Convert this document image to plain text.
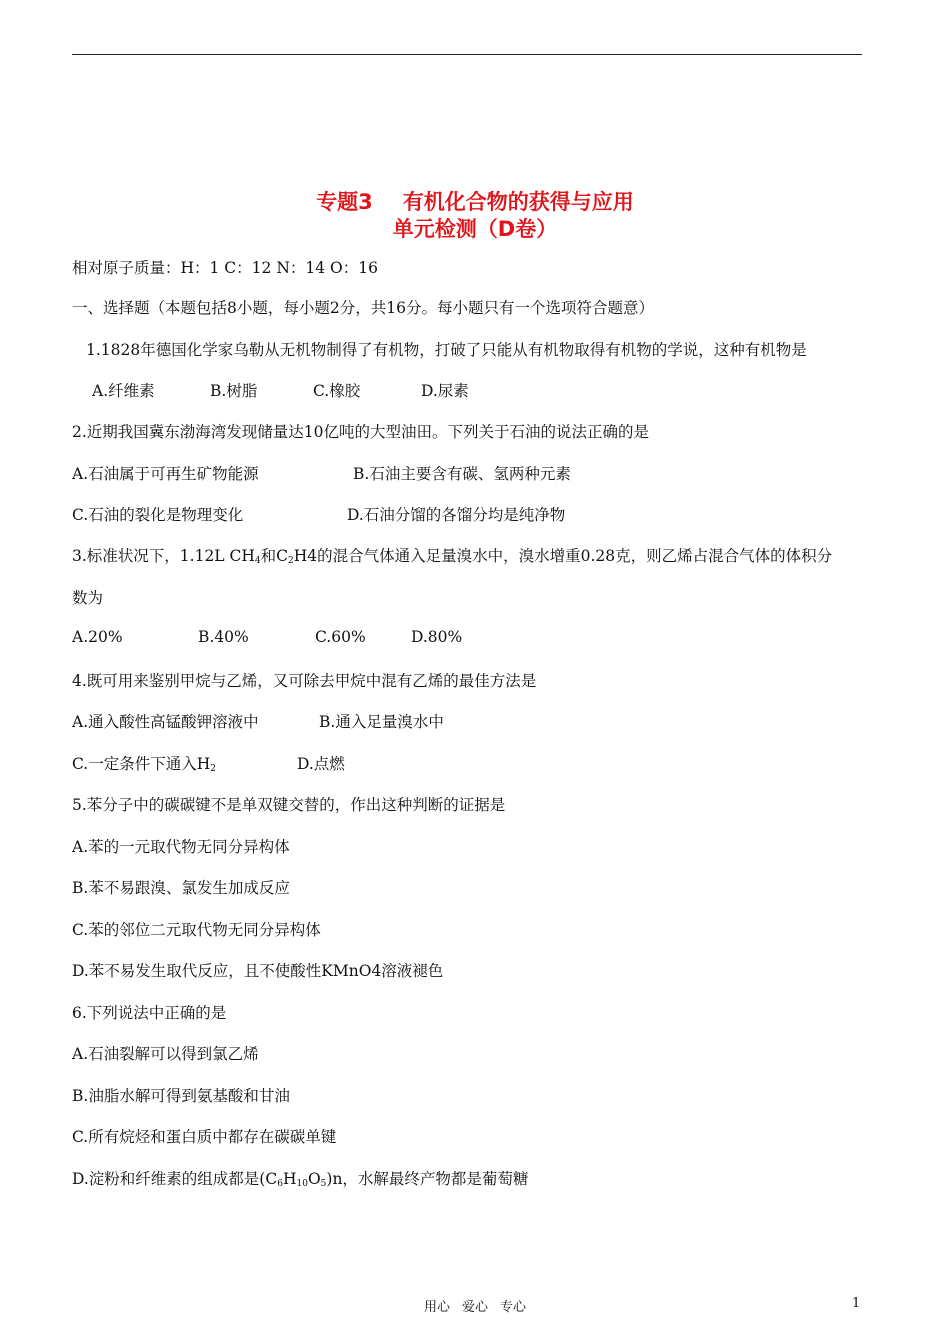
专题3 有机化合物的获得与应用
单元检测（D卷）
相对原子质量：H：1 C：12 N：14 O：16
一、选择题（本题包括8小题，每小题2分，共16分。每小题只有一个选项符合题意）
1.1828年德国化学家乌勒从无机物制得了有机物，打破了只能从有机物取得有机物的学说，这种有机物是
A.纤维素	B.树脂	C.橡胶	D.尿素
2.近期我国冀东渤海湾发现储量达10亿吨的大型油田。下列关于石油的说法正确的是
A.石油属于可再生矿物能源	B.石油主要含有碳、氢两种元素
C.石油的裂化是物理变化	D.石油分馏的各馏分均是纯净物
3.标准状况下，1.12L $CH_4$和$C_2H4$的混合气体通入足量溴水中，溴水增重0.28克，则乙烯占混合气体的体积分
数为
A.20%	B.40%	C.60%	D.80%
4.既可用来鉴别甲烷与乙烯，又可除去甲烷中混有乙烯的最佳方法是
A.通入酸性高锰酸钾溶液中	B.通入足量溴水中
C.一定条件下通入$H_2$	D.点燃
5.苯分子中的碳碳键不是单双键交替的，作出这种判断的证据是
A.苯的一元取代物无同分异构体
B.苯不易跟溴、氯发生加成反应
C.苯的邻位二元取代物无同分异构体
D.苯不易发生取代反应，且不使酸性KMnO4溶液褪色
6.下列说法中正确的是
A.石油裂解可以得到氯乙烯
B.油脂水解可得到氨基酸和甘油
C.所有烷烃和蛋白质中都存在碳碳单键
D.淀粉和纤维素的组成都是$(C_6H_{10}O_5)n$，水解最终产物都是葡萄糖
用心 爱心 专心	1
